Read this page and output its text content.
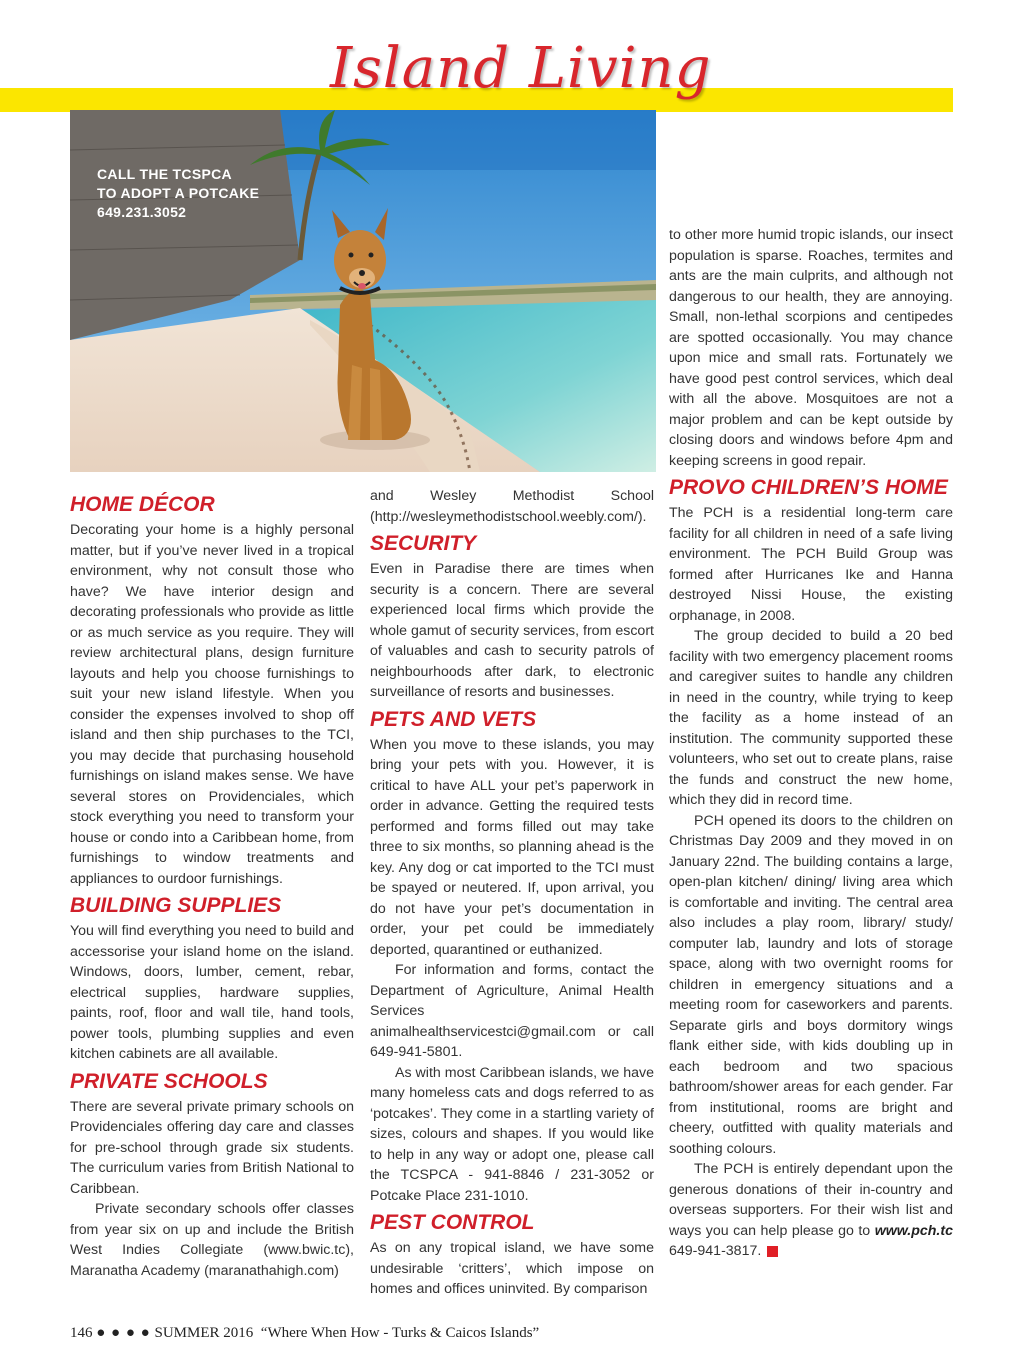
Island Living
CALL THE TCSPCA
TO ADOPT A POTCAKE
649.231.3052
HOME DÉCOR

Decorating your home is a highly personal matter, but if you’ve never lived in a tropical environment, why not consult those who have? We have interior design and decorating professionals who provide as little or as much service as you require. They will review architectural plans, design furniture layouts and help you choose furnishings to suit your new island lifestyle. When you consider the expenses involved to shop off island and then ship purchases to the TCI, you may decide that purchasing household furnishings on island makes sense. We have several stores on Providenciales, which stock everything you need to transform your house or condo into a Caribbean home, from furnishings to window treatments and appliances to ourdoor furnishings.

BUILDING SUPPLIES

You will find everything you need to build and accessorise your island home on the island. Windows, doors, lumber, cement, rebar, electrical supplies, hardware supplies, paints, roof, floor and wall tile, hand tools, power tools, plumbing supplies and even kitchen cabinets are all available.

PRIVATE SCHOOLS

There are several private primary schools on Providenciales offering day care and classes for pre-school through grade six students. The curriculum varies from British National to Caribbean.

Private secondary schools offer classes from year six on up and include the British West Indies Collegiate (www.bwic.tc), Maranatha Academy (maranathahigh.com)

and Wesley Methodist School (http://wesleymethodistschool.weebly.com/).

SECURITY

Even in Paradise there are times when security is a concern. There are several experienced local firms which provide the whole gamut of security services, from escort of valuables and cash to security patrols of neighbourhoods after dark, to electronic surveillance of resorts and businesses.

PETS AND VETS

When you move to these islands, you may bring your pets with you. However, it is critical to have ALL your pet’s paperwork in order in advance. Getting the required tests performed and forms filled out may take three to six months, so planning ahead is the key. Any dog or cat imported to the TCI must be spayed or neutered. If, upon arrival, you do not have your pet’s documentation in order, your pet could be immediately deported, quarantined or euthanized.

For information and forms, contact the Department of Agriculture, Animal Health Services animalhealthservicestci@gmail.com or call 649-941-5801.

As with most Caribbean islands, we have many homeless cats and dogs referred to as ‘potcakes’. They come in a startling variety of sizes, colours and shapes. If you would like to help in any way or adopt one, please call the TCSPCA - 941-8846 / 231-3052 or Potcake Place 231-1010.

PEST CONTROL

As on any tropical island, we have some undesirable ‘critters’, which impose on homes and offices uninvited. By comparison

to other more humid tropic islands, our insect population is sparse. Roaches, termites and ants are the main culprits, and although not dangerous to our health, they are annoying. Small, non-lethal scorpions and centipedes are spotted occasionally. You may chance upon mice and small rats. Fortunately we have good pest control services, which deal with all the above. Mosquitoes are not a major problem and can be kept outside by closing doors and windows before 4pm and keeping screens in good repair.

PROVO CHILDREN’S HOME

The PCH is a residential long-term care facility for all children in need of a safe living environment. The PCH Build Group was formed after Hurricanes Ike and Hanna destroyed Nissi House, the existing orphanage, in 2008.

The group decided to build a 20 bed facility with two emergency placement rooms and caregiver suites to handle any children in need in the country, while trying to keep the facility as a home instead of an institution. The community supported these volunteers, who set out to create plans, raise the funds and construct the new home, which they did in record time.

PCH opened its doors to the children on Christmas Day 2009 and they moved in on January 22nd. The building contains a large, open-plan kitchen/ dining/ living area which is comfortable and inviting. The central area also includes a play room, library/ study/ computer lab, laundry and lots of storage space, along with two overnight rooms for children in emergency situations and a meeting room for caseworkers and parents. Separate girls and boys dormitory wings flank either side, with kids doubling up in each bedroom and two spacious bathroom/shower areas for each gender. Far from institutional, rooms are bright and cheery, outfitted with quality materials and soothing colours.

The PCH is entirely dependant upon the generous donations of their in-country and overseas supporters. For their wish list and ways you can help please go to www.pch.tc 649-941-3817.

146 ● ● ● ● SUMMER 2016 “Where When How - Turks & Caicos Islands”
